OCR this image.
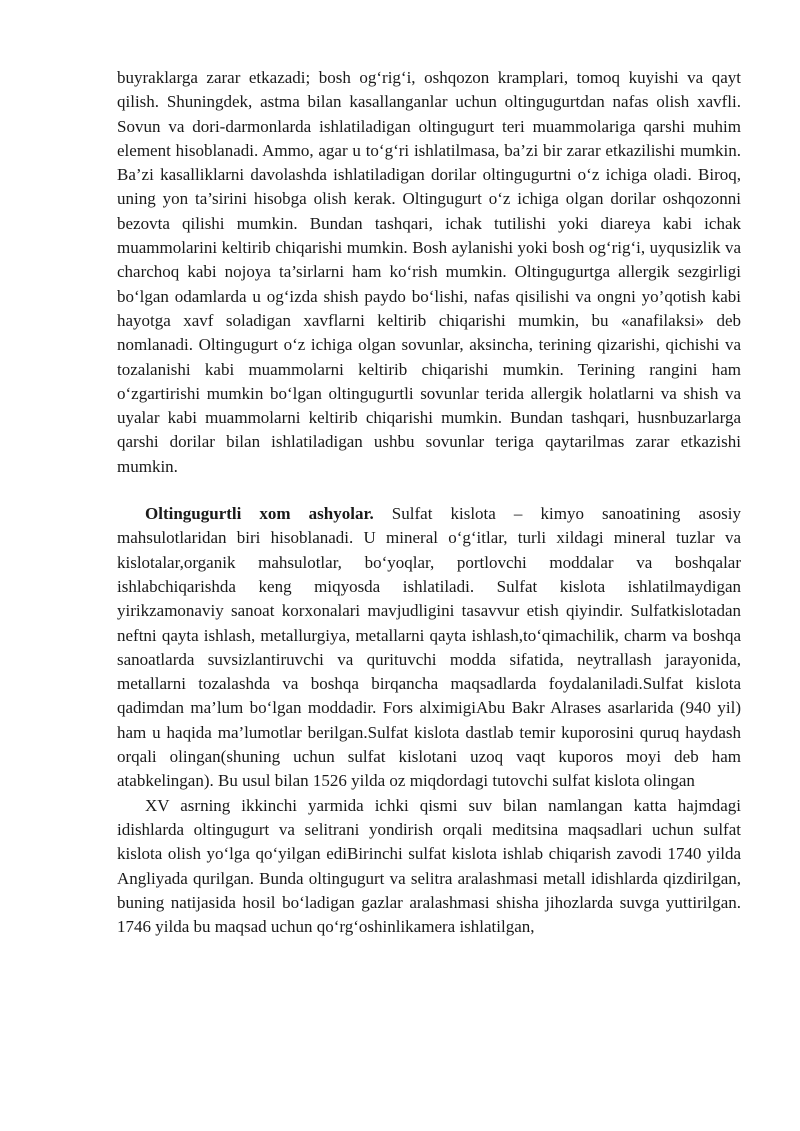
buyraklarga zarar etkazadi; bosh og‘rig‘i, oshqozon kramplari, tomoq kuyishi va qayt qilish. Shuningdek, astma bilan kasallanganlar uchun oltingugurtdan nafas olish xavfli. Sovun va dori-darmonlarda ishlatiladigan oltingugurt teri muammolariga qarshi muhim element hisoblanadi. Ammo, agar u to‘g‘ri ishlatilmasa, ba’zi bir zarar etkazilishi mumkin. Ba’zi kasalliklarni davolashda ishlatiladigan dorilar oltingugurtni o‘z ichiga oladi. Biroq, uning yon ta’sirini hisobga olish kerak. Oltingugurt o‘z ichiga olgan dorilar oshqozonni bezovta qilishi mumkin. Bundan tashqari, ichak tutilishi yoki diareya kabi ichak muammolarini keltirib chiqarishi mumkin. Bosh aylanishi yoki bosh og‘rig‘i, uyqusizlik va charchoq kabi nojoya ta’sirlarni ham ko‘rish mumkin. Oltingugurtga allergik sezgirligi bo‘lgan odamlarda u og‘izda shish paydo bo‘lishi, nafas qisilishi va ongni yo’qotish kabi hayotga xavf soladigan xavflarni keltirib chiqarishi mumkin, bu «anafilaksi» deb nomlanadi. Oltingugurt o‘z ichiga olgan sovunlar, aksincha, terining qizarishi, qichishi va tozalanishi kabi muammolarni keltirib chiqarishi mumkin. Terining rangini ham o‘zgartirishi mumkin bo‘lgan oltingugurtli sovunlar terida allergik holatlarni va shish va uyalar kabi muammolarni keltirib chiqarishi mumkin. Bundan tashqari, husnbuzarlarga qarshi dorilar bilan ishlatiladigan ushbu sovunlar teriga qaytarilmas zarar etkazishi mumkin.

Oltingugurtli xom ashyolar. Sulfat kislota – kimyo sanoatining asosiy mahsulotlaridan biri hisoblanadi. U mineral o‘g‘itlar, turli xildagi mineral tuzlar va kislotalar,organik mahsulotlar, bo‘yoqlar, portlovchi moddalar va boshqalar ishlabchiqarishda keng miqyosda ishlatiladi. Sulfat kislota ishlatilmaydigan yirikzamonaviy sanoat korxonalari mavjudligini tasavvur etish qiyindir. Sulfatkislotadan neftni qayta ishlash, metallurgiya, metallarni qayta ishlash,to‘qimachilik, charm va boshqa sanoatlarda suvsizlantiruvchi va qurituvchi modda sifatida, neytrallash jarayonida, metallarni tozalashda va boshqa birqancha maqsadlarda foydalaniladi.Sulfat kislota qadimdan ma’lum bo‘lgan moddadir. Fors alximigiAbu Bakr Alrases asarlarida (940 yil) ham u haqida ma’lumotlar berilgan.Sulfat kislota dastlab temir kuporosini quruq haydash orqali olingan(shuning uchun sulfat kislotani uzoq vaqt kuporos moyi deb ham atabkelingan). Bu usul bilan 1526 yilda oz miqdordagi tutovchi sulfat kislota olingan

XV asrning ikkinchi yarmida ichki qismi suv bilan namlangan katta hajmdagi idishlarda oltingugurt va selitrani yondirish orqali meditsina maqsadlari uchun sulfat kislota olish yo‘lga qo‘yilgan ediBirinchi sulfat kislota ishlab chiqarish zavodi 1740 yilda Angliyada qurilgan. Bunda oltingugurt va selitra aralashmasi metall idishlarda qizdirilgan, buning natijasida hosil bo‘ladigan gazlar aralashmasi shisha jihozlarda suvga yuttirilgan. 1746 yilda bu maqsad uchun qo‘rg‘oshinlikamera ishlatilgan,
